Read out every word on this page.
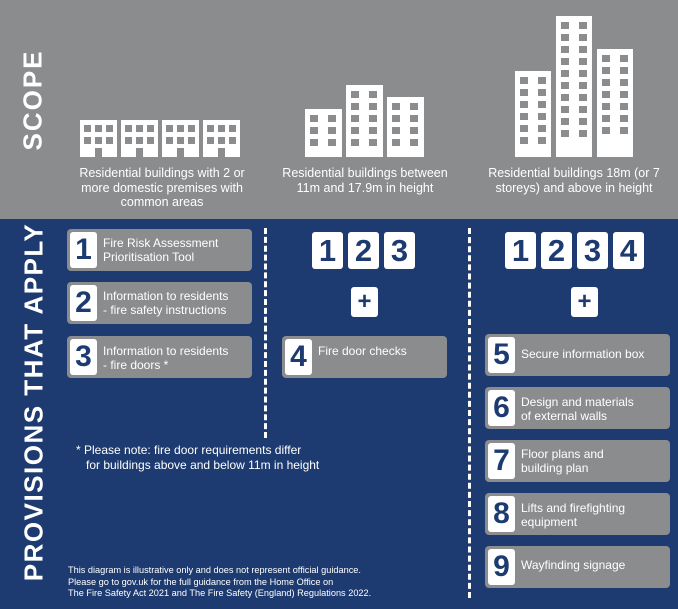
SCOPE
PROVISIONS THAT APPLY
Residential buildings with 2 or more domestic premises with common areas
Residential buildings between 11m and 17.9m in height
Residential buildings 18m (or 7 storeys) and above in height
1 Fire Risk Assessment
Prioritisation Tool
2 Information to residents
- fire safety instructions
3 Information to residents
- fire doors *
1 2 3
+
4 Fire door checks
1 2 3 4
+
5 Secure information box
6 Design and materials
of external walls
7 Floor plans and
building plan
8 Lifts and firefighting
equipment
9 Wayfinding signage
* Please note: fire door requirements differ
for buildings above and below 11m in height
This diagram is illustrative only and does not represent official guidance.
Please go to gov.uk for the full guidance from the Home Office on
The Fire Safety Act 2021 and The Fire Safety (England) Regulations 2022.
